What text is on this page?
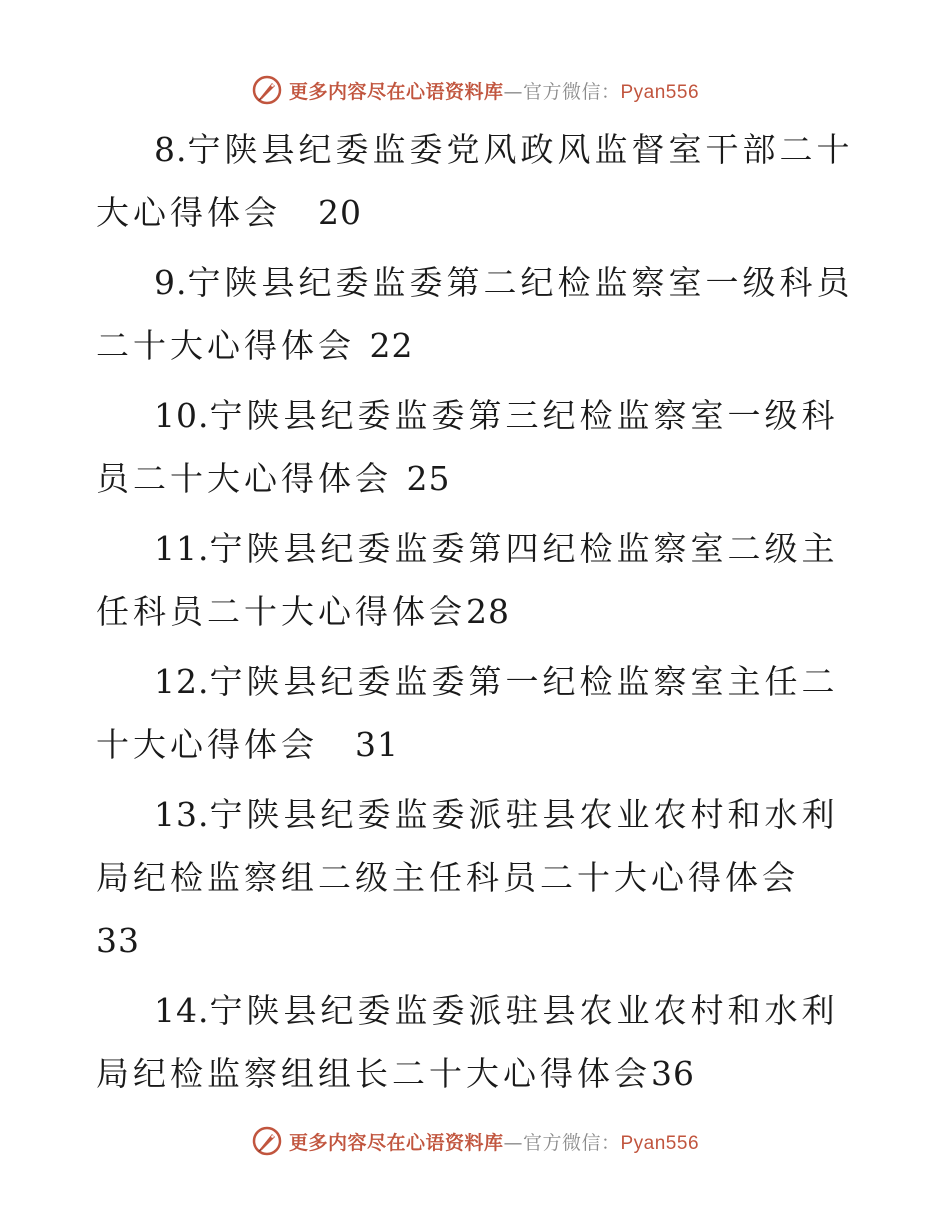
更多内容尽在心语资料库—官方微信：Pyan556
8.宁陕县纪委监委党风政风监督室干部二十大心得体会　 20
9.宁陕县纪委监委第二纪检监察室一级科员二十大心得体会 22
10.宁陕县纪委监委第三纪检监察室一级科员二十大心得体会 25
11.宁陕县纪委监委第四纪检监察室二级主任科员二十大心得体会28
12.宁陕县纪委监委第一纪检监察室主任二十大心得体会　 31
13.宁陕县纪委监委派驻县农业农村和水利局纪检监察组二级主任科员二十大心得体会　33
14.宁陕县纪委监委派驻县农业农村和水利局纪检监察组组长二十大心得体会36
更多内容尽在心语资料库—官方微信：Pyan556
